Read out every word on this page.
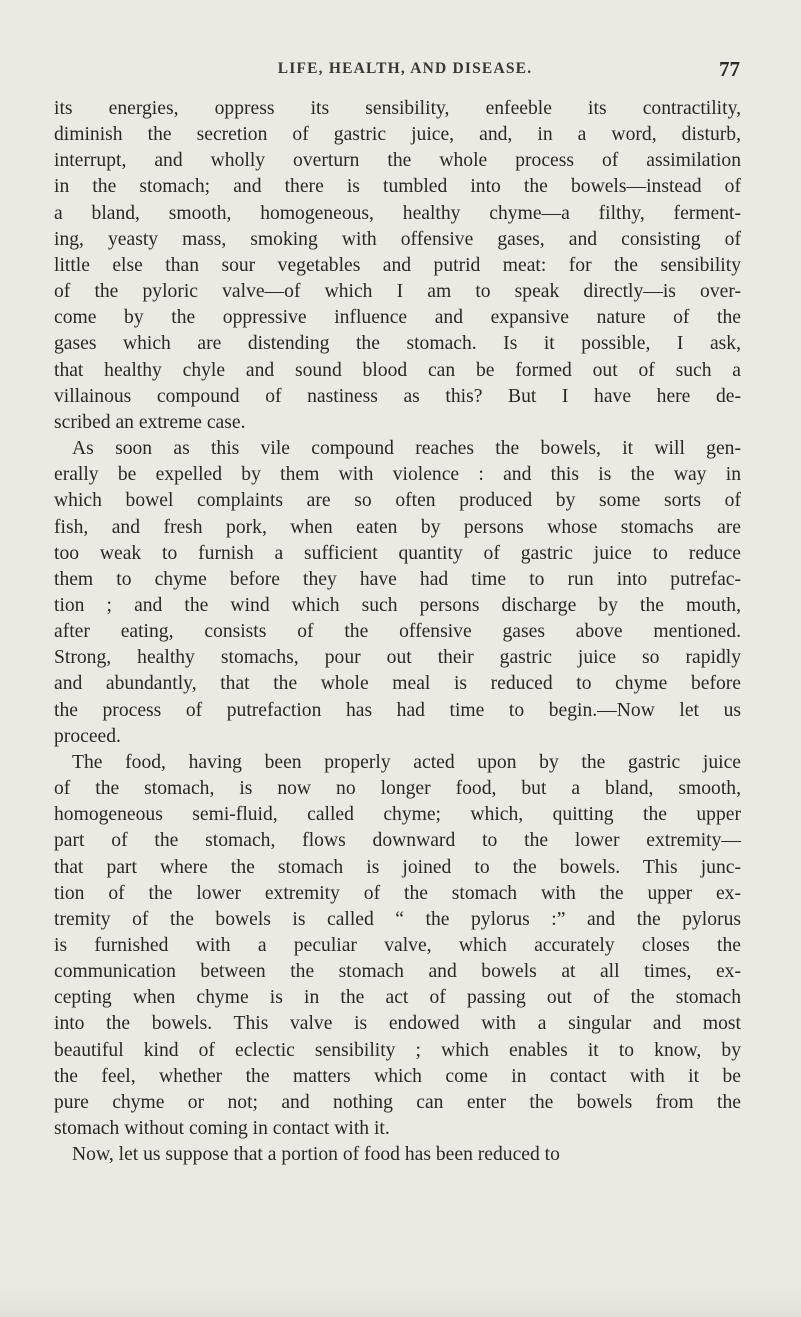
LIFE, HEALTH, AND DISEASE.	77

its energies, oppress its sensibility, enfeeble its contractility,
diminish the secretion of gastric juice, and, in a word, disturb,
interrupt, and wholly overturn the whole process of assimilation
in the stomach; and there is tumbled into the bowels—instead of
a bland, smooth, homogeneous, healthy chyme—a filthy, ferment-
ing, yeasty mass, smoking with offensive gases, and consisting of
little else than sour vegetables and putrid meat: for the sensibility
of the pyloric valve—of which I am to speak directly—is over-
come by the oppressive influence and expansive nature of the
gases which are distending the stomach. Is it possible, I ask,
that healthy chyle and sound blood can be formed out of such a
villainous compound of nastiness as this? But I have here de-
scribed an extreme case.

As soon as this vile compound reaches the bowels, it will gen-
erally be expelled by them with violence : and this is the way in
which bowel complaints are so often produced by some sorts of
fish, and fresh pork, when eaten by persons whose stomachs are
too weak to furnish a sufficient quantity of gastric juice to reduce
them to chyme before they have had time to run into putrefac-
tion ; and the wind which such persons discharge by the mouth,
after eating, consists of the offensive gases above mentioned.
Strong, healthy stomachs, pour out their gastric juice so rapidly
and abundantly, that the whole meal is reduced to chyme before
the process of putrefaction has had time to begin.—Now let us
proceed.

The food, having been properly acted upon by the gastric juice
of the stomach, is now no longer food, but a bland, smooth,
homogeneous semi-fluid, called chyme; which, quitting the upper
part of the stomach, flows downward to the lower extremity—
that part where the stomach is joined to the bowels. This junc-
tion of the lower extremity of the stomach with the upper ex-
tremity of the bowels is called “ the pylorus :” and the pylorus
is furnished with a peculiar valve, which accurately closes the
communication between the stomach and bowels at all times, ex-
cepting when chyme is in the act of passing out of the stomach
into the bowels. This valve is endowed with a singular and most
beautiful kind of eclectic sensibility ; which enables it to know, by
the feel, whether the matters which come in contact with it be
pure chyme or not; and nothing can enter the bowels from the
stomach without coming in contact with it.

Now, let us suppose that a portion of food has been reduced to
